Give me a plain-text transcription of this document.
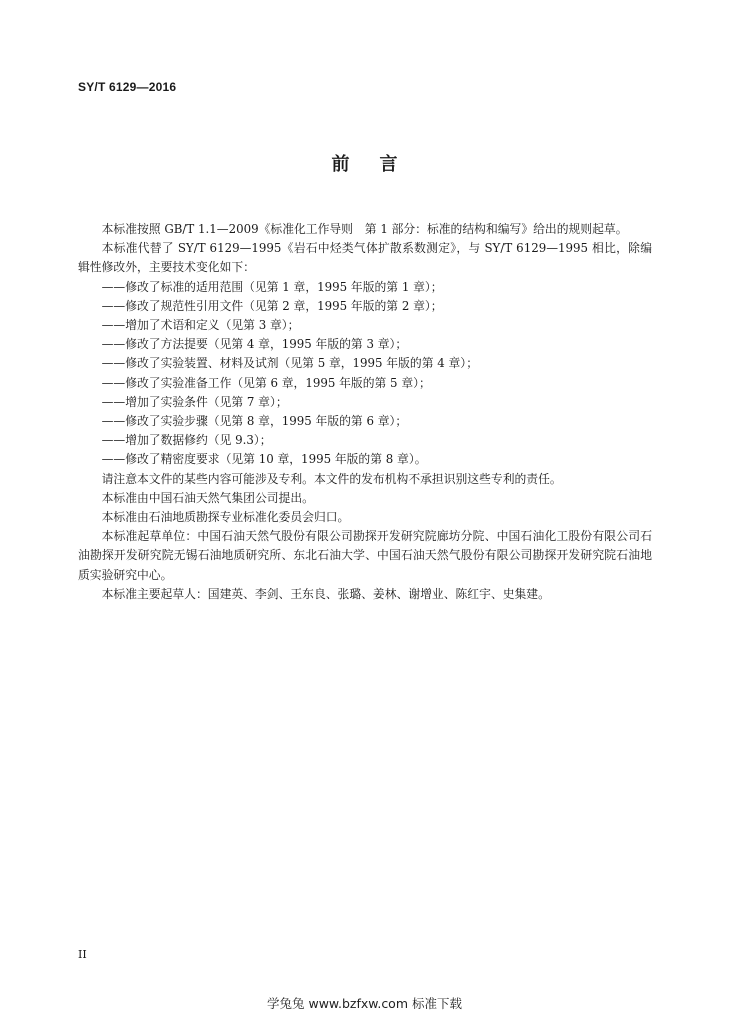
SY/T 6129—2016
前言

本标准按照 GB/T 1.1—2009《标准化工作导则　第 1 部分：标准的结构和编写》给出的规则起草。

本标准代替了 SY/T 6129—1995《岩石中烃类气体扩散系数测定》，与 SY/T 6129—1995 相比，除编辑性修改外，主要技术变化如下：

——修改了标准的适用范围（见第 1 章，1995 年版的第 1 章）；

——修改了规范性引用文件（见第 2 章，1995 年版的第 2 章）；

——增加了术语和定义（见第 3 章）；

——修改了方法提要（见第 4 章，1995 年版的第 3 章）；

——修改了实验装置、材料及试剂（见第 5 章，1995 年版的第 4 章）；

——修改了实验准备工作（见第 6 章，1995 年版的第 5 章）；

——增加了实验条件（见第 7 章）；

——修改了实验步骤（见第 8 章，1995 年版的第 6 章）；

——增加了数据修约（见 9.3）；

——修改了精密度要求（见第 10 章，1995 年版的第 8 章）。

请注意本文件的某些内容可能涉及专利。本文件的发布机构不承担识别这些专利的责任。

本标准由中国石油天然气集团公司提出。

本标准由石油地质勘探专业标准化委员会归口。

本标准起草单位：中国石油天然气股份有限公司勘探开发研究院廊坊分院、中国石油化工股份有限公司石油勘探开发研究院无锡石油地质研究所、东北石油大学、中国石油天然气股份有限公司勘探开发研究院石油地质实验研究中心。

本标准主要起草人：国建英、李剑、王东良、张璐、姜林、谢增业、陈红宇、史集建。

II
学兔兔 www.bzfxw.com 标准下载
